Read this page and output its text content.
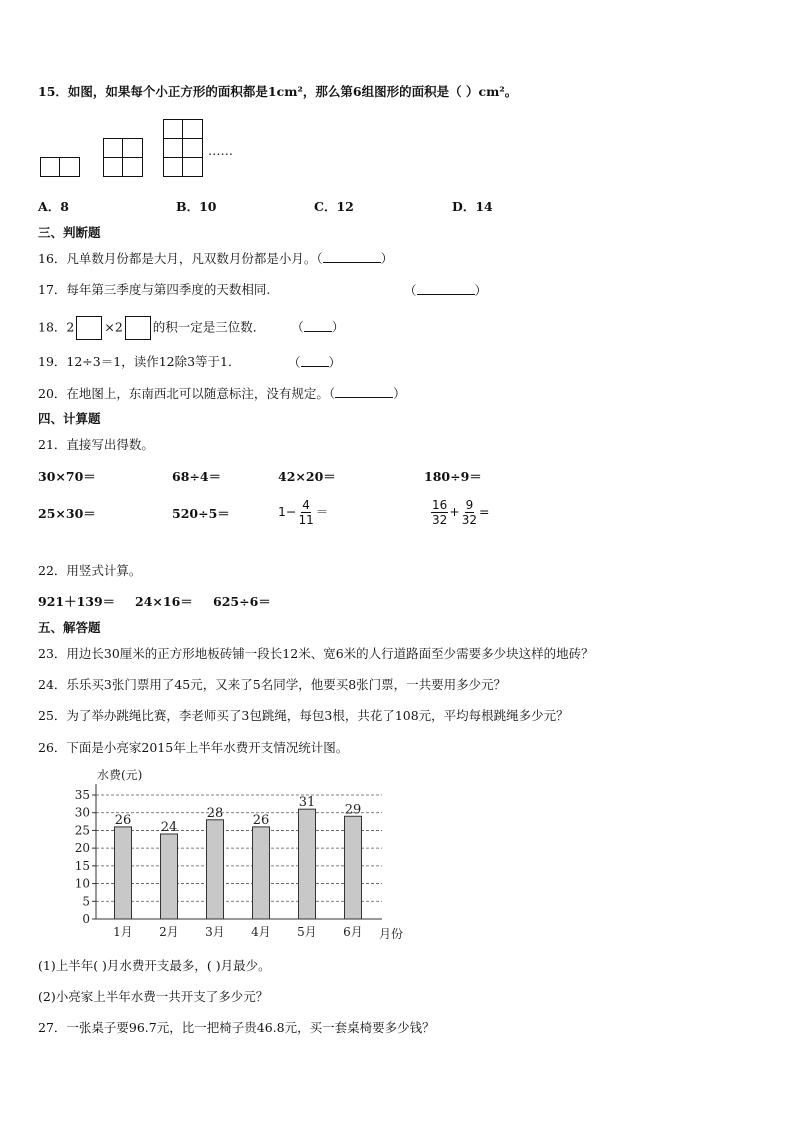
15．如图，如果每个小正方形的面积都是1cm²，那么第6组图形的面积是（ ）cm²。
……
A．8	B．10	C．12	D．14
三、判断题
16．凡单数月份都是大月，凡双数月份都是小月。（	）
17．每年第三季度与第四季度的天数相同.	（	）
18．2 ×2 的积一定是三位数． （ ）
19．12÷3＝1，读作12除3等于1．	（ ）
20．在地图上，东南西北可以随意标注，没有规定。（	）
四、计算题
21．直接写出得数。
30×70＝	68÷4＝	42×20＝	180÷9＝
25×30＝	520÷5＝	$1- \frac{4}{11}$ ＝	$\frac{16}{32} + \frac{9}{32}$ =
22．用竖式计算。
921＋139＝ 24×16＝ 625÷6＝
五、解答题
23．用边长30厘米的正方形地板砖铺一段长12米、宽6米的人行道路面至少需要多少块这样的地砖？
24．乐乐买3张门票用了45元，又来了5名同学，他要买8张门票，一共要用多少元？
25．为了举办跳绳比赛，李老师买了3包跳绳，每包3根，共花了108元，平均每根跳绳多少元？
26．下面是小亮家2015年上半年水费开支情况统计图。
0
5
10
15
20
25
30
35
水费(元)
月份
26
1月
24
2月
28
3月
26
4月
31
5月
29
6月
(1)上半年( )月水费开支最多，( )月最少。
(2)小亮家上半年水费一共开支了多少元？
27．一张桌子要96.7元，比一把椅子贵46.8元，买一套桌椅要多少钱？
